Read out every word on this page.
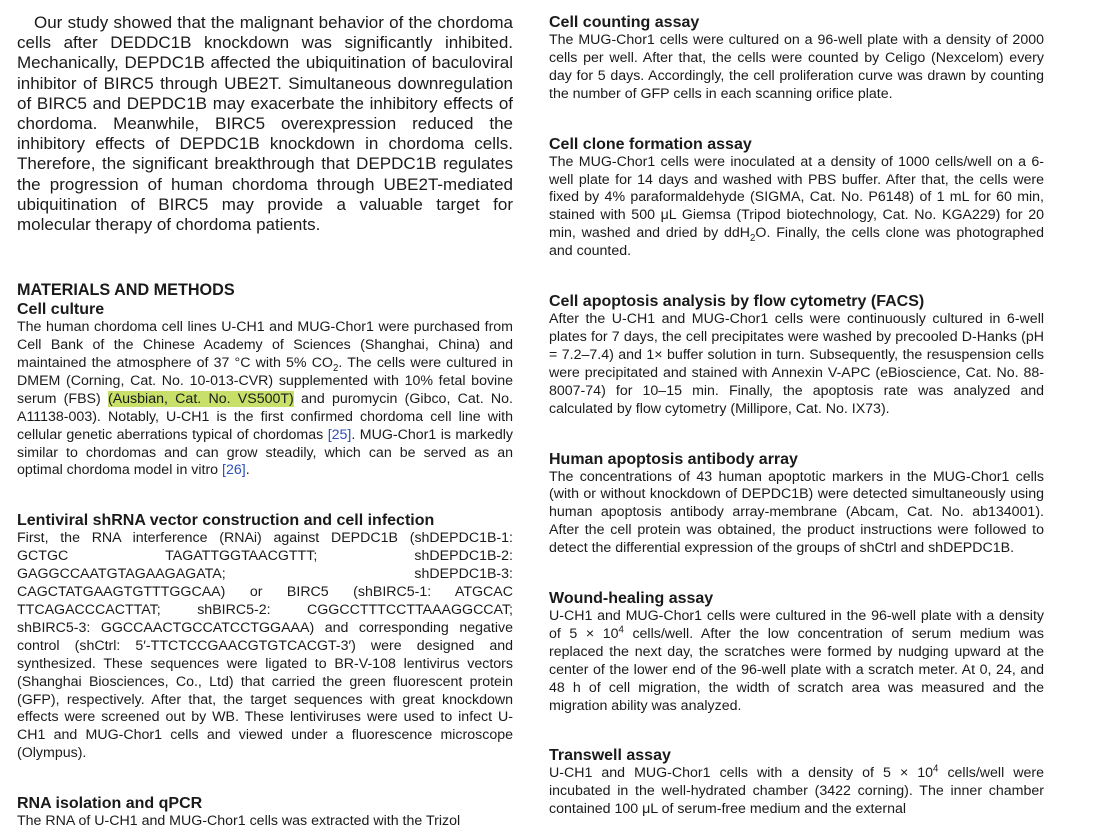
Our study showed that the malignant behavior of the chordoma cells after DEDDC1B knockdown was significantly inhibited. Mechanically, DEPDC1B affected the ubiquitination of baculoviral inhibitor of BIRC5 through UBE2T. Simultaneous downregulation of BIRC5 and DEPDC1B may exacerbate the inhibitory effects of chordoma. Meanwhile, BIRC5 overexpression reduced the inhibitory effects of DEPDC1B knockdown in chordoma cells. Therefore, the significant breakthrough that DEPDC1B regulates the progression of human chordoma through UBE2T-mediated ubiquitination of BIRC5 may provide a valuable target for molecular therapy of chordoma patients.

MATERIALS AND METHODS
Cell culture

The human chordoma cell lines U-CH1 and MUG-Chor1 were purchased from Cell Bank of the Chinese Academy of Sciences (Shanghai, China) and maintained the atmosphere of 37 °C with 5% $CO_2$. The cells were cultured in DMEM (Corning, Cat. No. 10-013-CVR) supplemented with 10% fetal bovine serum (FBS) (Ausbian, Cat. No. VS500T) and puromycin (Gibco, Cat. No. A11138-003). Notably, U-CH1 is the first confirmed chordoma cell line with cellular genetic aberrations typical of chordomas [25]. MUG-Chor1 is markedly similar to chordomas and can grow steadily, which can be served as an optimal chordoma model in vitro [26].

Lentiviral shRNA vector construction and cell infection

First, the RNA interference (RNAi) against DEPDC1B (shDEPDC1B-1: GCTGC TAGATTGGTAACGTTT; shDEPDC1B-2: GAGGCCAATGTAGAAGAGATA; shDEPDC1B-3: CAGCTATGAAGTGTTTGGCAA) or BIRC5 (shBIRC5-1: ATGCAC TTCAGACCCACTTAT; shBIRC5-2: CGGCCTTTCCTTAAAGGCCAT; shBIRC5-3: GGCCAACTGCCATCCTGGAAA) and corresponding negative control (shCtrl: 5′-TTCTCCGAACGTGTCACGT-3′) were designed and synthesized. These sequences were ligated to BR-V-108 lentivirus vectors (Shanghai Biosciences, Co., Ltd) that carried the green fluorescent protein (GFP), respectively. After that, the target sequences with great knockdown effects were screened out by WB. These lentiviruses were used to infect U-CH1 and MUG-Chor1 cells and viewed under a fluorescence microscope (Olympus).

RNA isolation and qPCR

The RNA of U-CH1 and MUG-Chor1 cells was extracted with the Trizol

Cell counting assay

The MUG-Chor1 cells were cultured on a 96-well plate with a density of 2000 cells per well. After that, the cells were counted by Celigo (Nexcelom) every day for 5 days. Accordingly, the cell proliferation curve was drawn by counting the number of GFP cells in each scanning orifice plate.

Cell clone formation assay

The MUG-Chor1 cells were inoculated at a density of 1000 cells/well on a 6-well plate for 14 days and washed with PBS buffer. After that, the cells were fixed by 4% paraformaldehyde (SIGMA, Cat. No. P6148) of 1 mL for 60 min, stained with 500 μL Giemsa (Tripod biotechnology, Cat. No. KGA229) for 20 min, washed and dried by ddH$_2$O. Finally, the cells clone was photographed and counted.

Cell apoptosis analysis by flow cytometry (FACS)

After the U-CH1 and MUG-Chor1 cells were continuously cultured in 6-well plates for 7 days, the cell precipitates were washed by precooled D-Hanks (pH = 7.2–7.4) and 1× buffer solution in turn. Subsequently, the resuspension cells were precipitated and stained with Annexin V-APC (eBioscience, Cat. No. 88-8007-74) for 10–15 min. Finally, the apoptosis rate was analyzed and calculated by flow cytometry (Millipore, Cat. No. IX73).

Human apoptosis antibody array

The concentrations of 43 human apoptotic markers in the MUG-Chor1 cells (with or without knockdown of DEPDC1B) were detected simultaneously using human apoptosis antibody array-membrane (Abcam, Cat. No. ab134001). After the cell protein was obtained, the product instructions were followed to detect the differential expression of the groups of shCtrl and shDEPDC1B.

Wound-healing assay

U-CH1 and MUG-Chor1 cells were cultured in the 96-well plate with a density of $5 \times 10^4$ cells/well. After the low concentration of serum medium was replaced the next day, the scratches were formed by nudging upward at the center of the lower end of the 96-well plate with a scratch meter. At 0, 24, and 48 h of cell migration, the width of scratch area was measured and the migration ability was analyzed.

Transwell assay

U-CH1 and MUG-Chor1 cells with a density of $5 \times 10^4$ cells/well were incubated in the well-hydrated chamber (3422 corning). The inner chamber contained 100 μL of serum-free medium and the external
